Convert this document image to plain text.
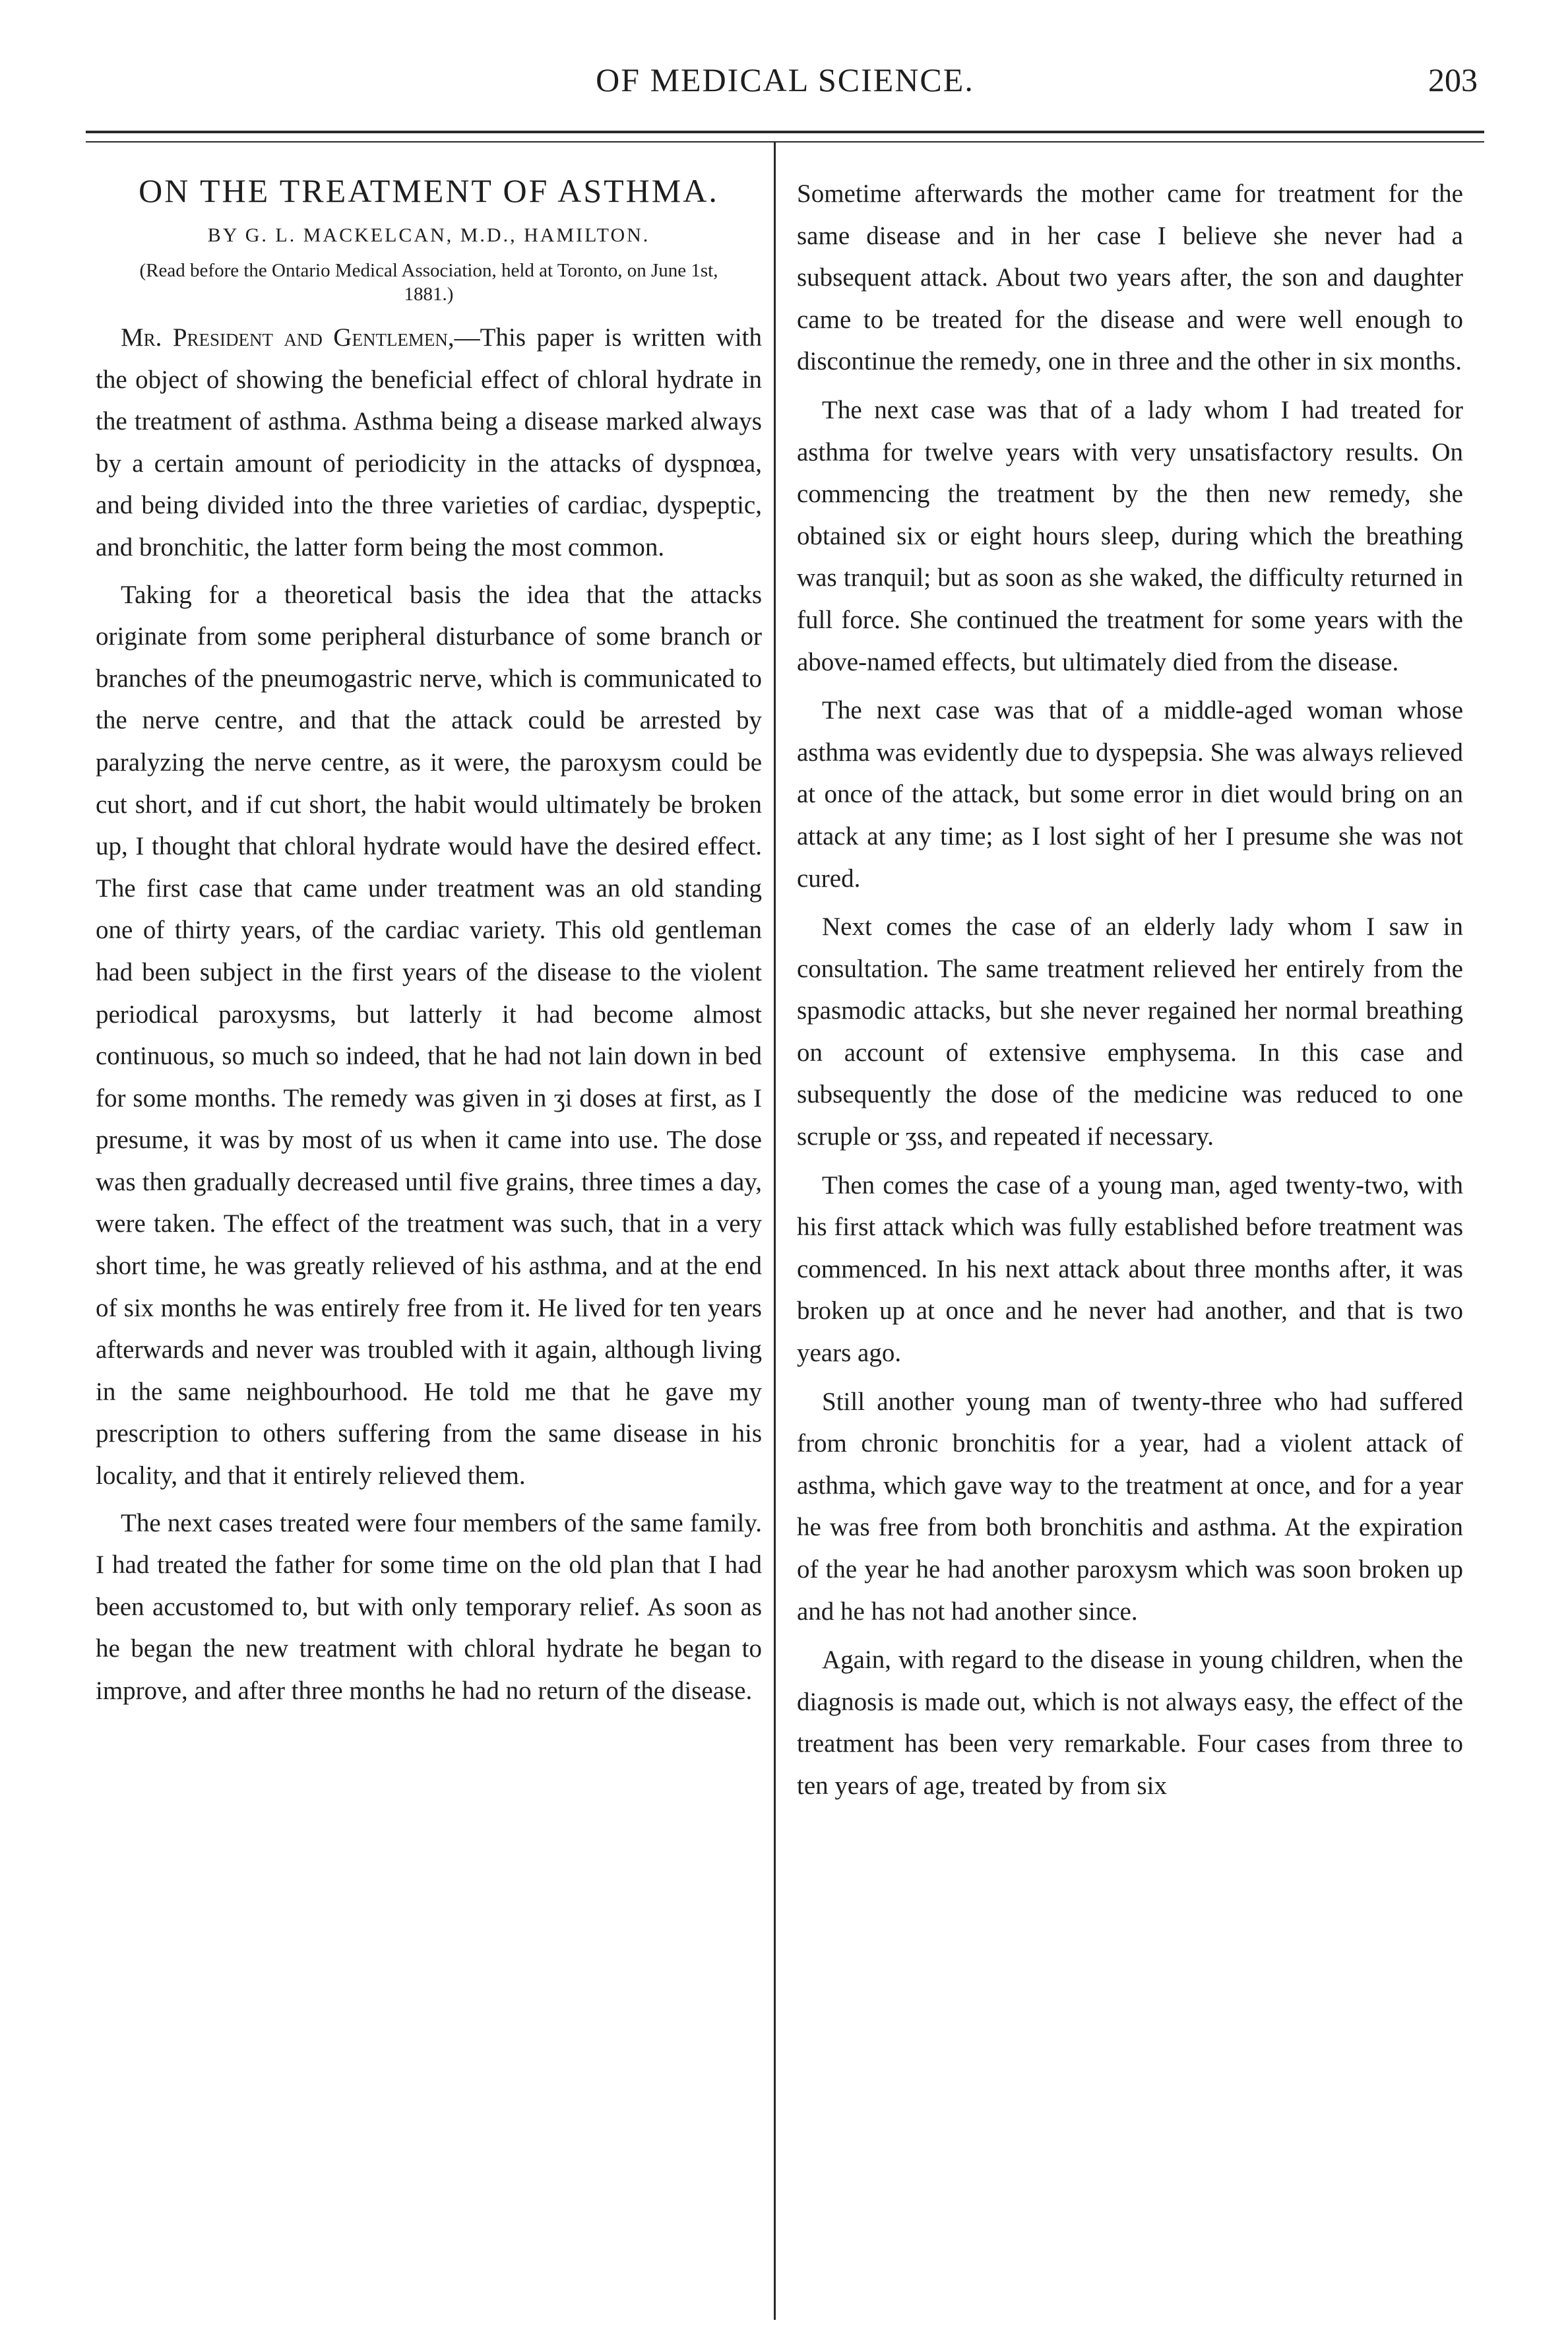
OF MEDICAL SCIENCE.	203
ON THE TREATMENT OF ASTHMA.
BY G. L. MACKELCAN, M.D., HAMILTON.
(Read before the Ontario Medical Association, held at Toronto, on June 1st, 1881.)

Mr. President and Gentlemen,—This paper is written with the object of showing the beneficial effect of chloral hydrate in the treatment of asthma. Asthma being a disease marked always by a certain amount of periodicity in the attacks of dyspnœa, and being divided into the three varieties of cardiac, dyspeptic, and bronchitic, the latter form being the most common.

Taking for a theoretical basis the idea that the attacks originate from some peripheral disturbance of some branch or branches of the pneumogastric nerve, which is communicated to the nerve centre, and that the attack could be arrested by paralyzing the nerve centre, as it were, the paroxysm could be cut short, and if cut short, the habit would ultimately be broken up, I thought that chloral hydrate would have the desired effect. The first case that came under treatment was an old standing one of thirty years, of the cardiac variety. This old gentleman had been subject in the first years of the disease to the violent periodical paroxysms, but latterly it had become almost continuous, so much so indeed, that he had not lain down in bed for some months. The remedy was given in ʒi doses at first, as I presume, it was by most of us when it came into use. The dose was then gradually decreased until five grains, three times a day, were taken. The effect of the treatment was such, that in a very short time, he was greatly relieved of his asthma, and at the end of six months he was entirely free from it. He lived for ten years afterwards and never was troubled with it again, although living in the same neighbourhood. He told me that he gave my prescription to others suffering from the same disease in his locality, and that it entirely relieved them.

The next cases treated were four members of the same family. I had treated the father for some time on the old plan that I had been accustomed to, but with only temporary relief. As soon as he began the new treatment with chloral hydrate he began to improve, and after three months he had no return of the disease.

Sometime afterwards the mother came for treatment for the same disease and in her case I believe she never had a subsequent attack. About two years after, the son and daughter came to be treated for the disease and were well enough to discontinue the remedy, one in three and the other in six months.

The next case was that of a lady whom I had treated for asthma for twelve years with very unsatisfactory results. On commencing the treatment by the then new remedy, she obtained six or eight hours sleep, during which the breathing was tranquil; but as soon as she waked, the difficulty returned in full force. She continued the treatment for some years with the above-named effects, but ultimately died from the disease.

The next case was that of a middle-aged woman whose asthma was evidently due to dyspepsia. She was always relieved at once of the attack, but some error in diet would bring on an attack at any time; as I lost sight of her I presume she was not cured.

Next comes the case of an elderly lady whom I saw in consultation. The same treatment relieved her entirely from the spasmodic attacks, but she never regained her normal breathing on account of extensive emphysema. In this case and subsequently the dose of the medicine was reduced to one scruple or ʒss, and repeated if necessary.

Then comes the case of a young man, aged twenty-two, with his first attack which was fully established before treatment was commenced. In his next attack about three months after, it was broken up at once and he never had another, and that is two years ago.

Still another young man of twenty-three who had suffered from chronic bronchitis for a year, had a violent attack of asthma, which gave way to the treatment at once, and for a year he was free from both bronchitis and asthma. At the expiration of the year he had another paroxysm which was soon broken up and he has not had another since.

Again, with regard to the disease in young children, when the diagnosis is made out, which is not always easy, the effect of the treatment has been very remarkable. Four cases from three to ten years of age, treated by from six
